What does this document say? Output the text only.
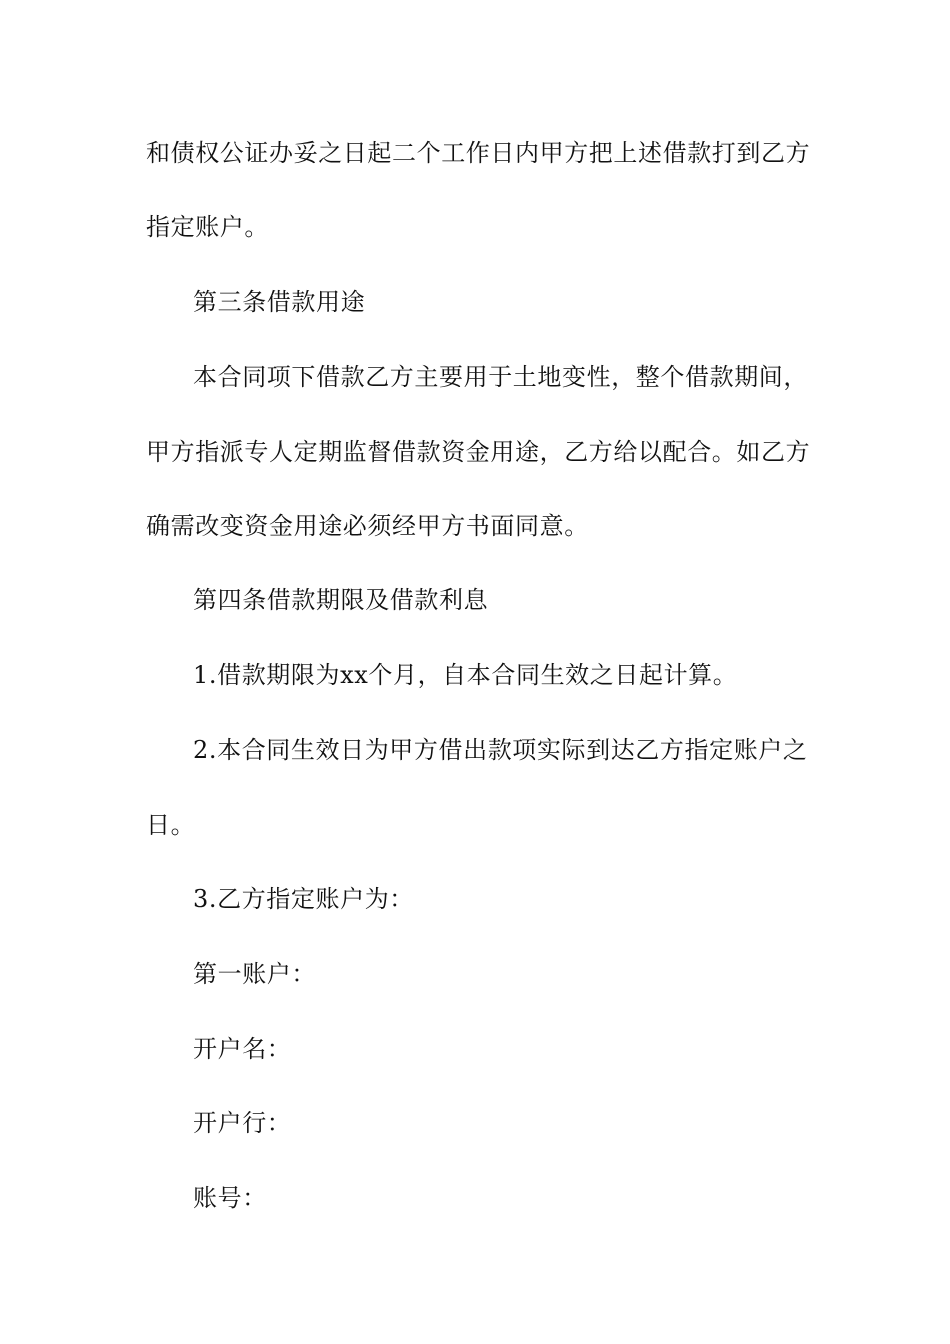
和债权公证办妥之日起二个工作日内甲方把上述借款打到乙方
指定账户。
第三条借款用途
本合同项下借款乙方主要用于土地变性，整个借款期间，
甲方指派专人定期监督借款资金用途，乙方给以配合。如乙方
确需改变资金用途必须经甲方书面同意。
第四条借款期限及借款利息
1.借款期限为xx个月，自本合同生效之日起计算。
2.本合同生效日为甲方借出款项实际到达乙方指定账户之
日。
3.乙方指定账户为：
第一账户：
开户名：
开户行：
账号：
